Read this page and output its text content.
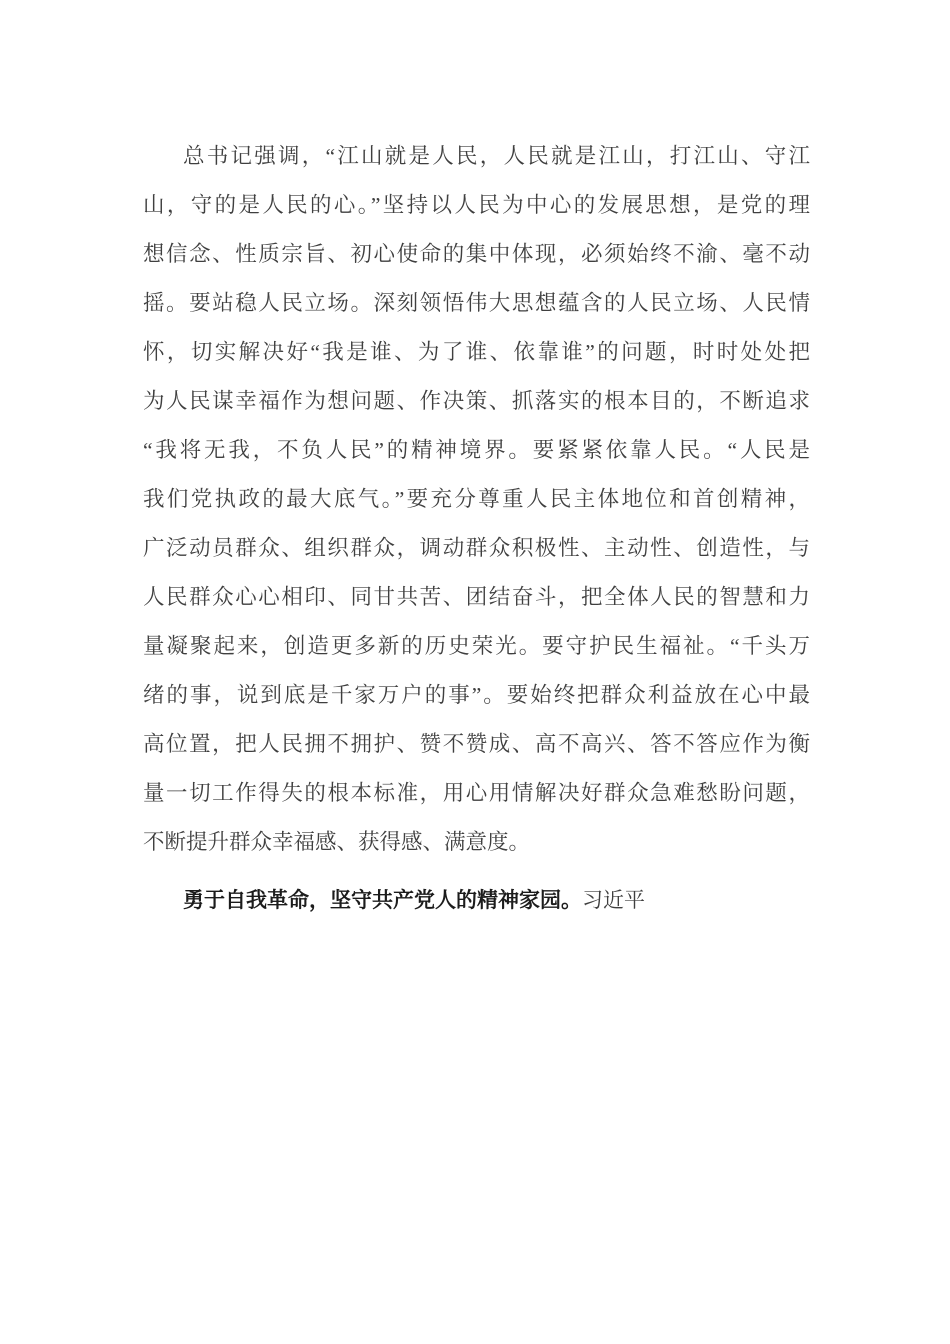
总书记强调，“江山就是人民，人民就是江山，打江山、守江
山，守的是人民的心。”坚持以人民为中心的发展思想，是党的理
想信念、性质宗旨、初心使命的集中体现，必须始终不渝、毫不动
摇。要站稳人民立场。深刻领悟伟大思想蕴含的人民立场、人民情
怀，切实解决好“我是谁、为了谁、依靠谁”的问题，时时处处把
为人民谋幸福作为想问题、作决策、抓落实的根本目的，不断追求
“我将无我，不负人民”的精神境界。要紧紧依靠人民。“人民是
我们党执政的最大底气。”要充分尊重人民主体地位和首创精神，
广泛动员群众、组织群众，调动群众积极性、主动性、创造性，与
人民群众心心相印、同甘共苦、团结奋斗，把全体人民的智慧和力
量凝聚起来，创造更多新的历史荣光。要守护民生福祉。“千头万
绪的事，说到底是千家万户的事”。要始终把群众利益放在心中最
高位置，把人民拥不拥护、赞不赞成、高不高兴、答不答应作为衡
量一切工作得失的根本标准，用心用情解决好群众急难愁盼问题，
不断提升群众幸福感、获得感、满意度。
勇于自我革命，坚守共产党人的精神家园。习近平
